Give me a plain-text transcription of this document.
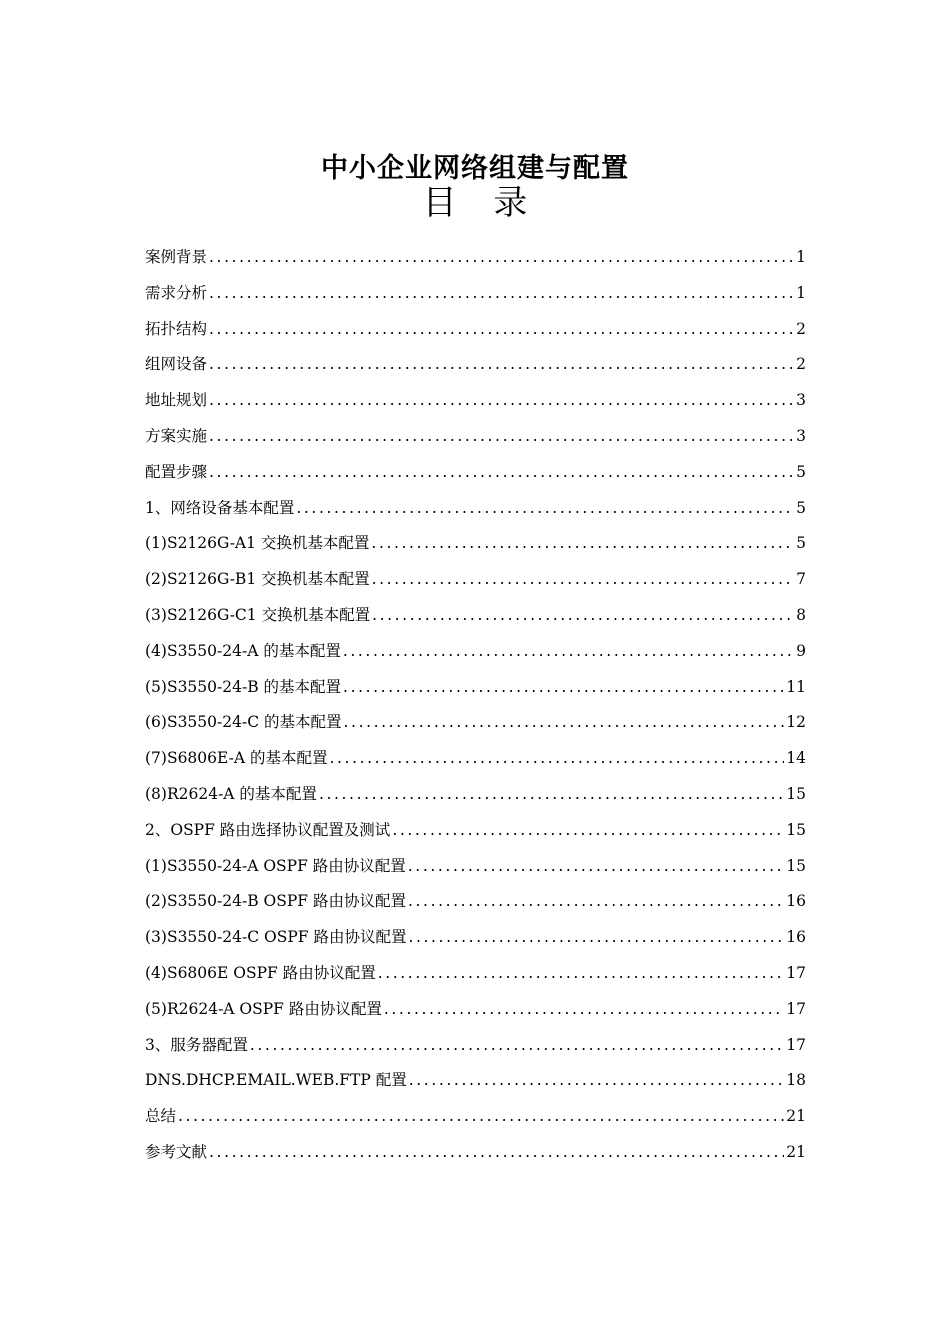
中小企业网络组建与配置
目 录
案例背景 .....	1
需求分析 .....	1
拓扑结构 .....	2
组网设备 .....	2
地址规划 .....	3
方案实施 .....	3
配置步骤 .....	5
1、网络设备基本配置 .....	5
(1)S2126G-A1 交换机基本配置 .....	5
(2)S2126G-B1 交换机基本配置 .....	7
(3)S2126G-C1 交换机基本配置 .....	8
(4)S3550-24-A 的基本配置 .....	9
(5)S3550-24-B 的基本配置 .....	11
(6)S3550-24-C 的基本配置 .....	12
(7)S6806E-A 的基本配置 .....	14
(8)R2624-A 的基本配置 .....	15
2、OSPF 路由选择协议配置及测试 .....	15
(1)S3550-24-A OSPF 路由协议配置 .....	15
(2)S3550-24-B OSPF 路由协议配置 .....	16
(3)S3550-24-C OSPF 路由协议配置 .....	16
(4)S6806E OSPF 路由协议配置 .....	17
(5)R2624-A OSPF 路由协议配置 .....	17
3、服务器配置 .....	17
DNS.DHCP.EMAIL.WEB.FTP 配置 .....	18
总结 .....	21
参考文献 .....	21
